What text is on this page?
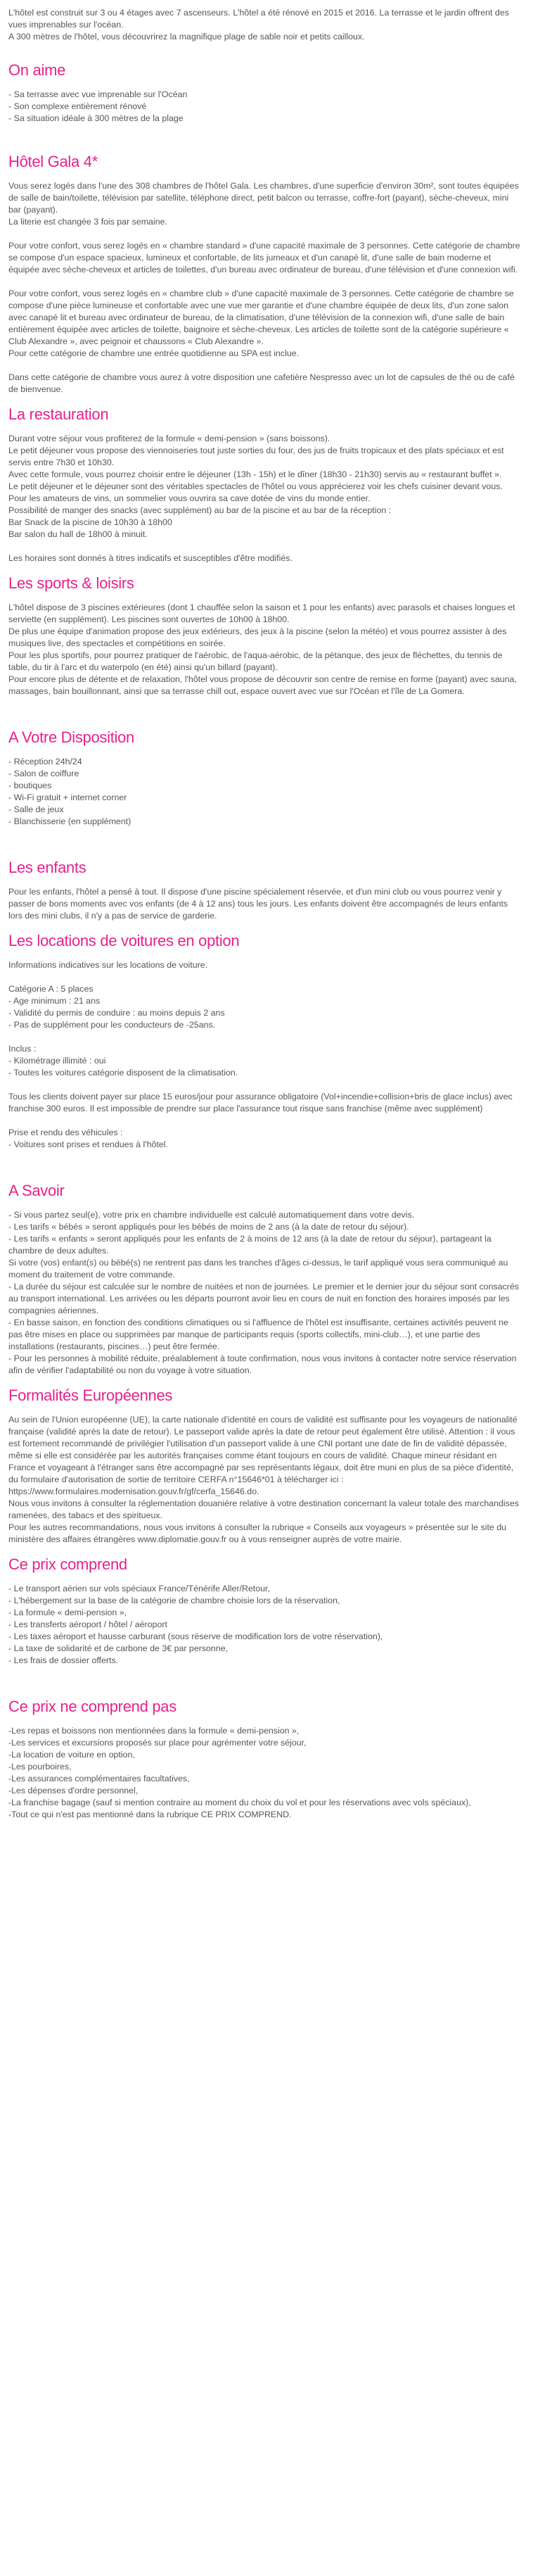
L'hôtel est construit sur 3 ou 4 étages avec 7 ascenseurs. L'hôtel a été rénové en 2015 et 2016. La terrasse et le jardin offrent des vues imprenables sur l'océan.

A 300 mètres de l'hôtel, vous découvrirez la magnifique plage de sable noir et petits cailloux.

On aime
- Sa terrasse avec vue imprenable sur l'Océan
- Son complexe entièrement rénové
- Sa situation idéale à 300 mètres de la plage
Hôtel Gala 4*

Vous serez logés dans l'une des 308 chambres de l'hôtel Gala. Les chambres, d'une superficie d'environ 30m², sont toutes équipées de salle de bain/toilette, télévision par satellite, téléphone direct, petit balcon ou terrasse, coffre-fort (payant), sèche-cheveux, mini bar (payant).

La literie est changée 3 fois par semaine.

Pour votre confort, vous serez logés en « chambre standard » d'une capacité maximale de 3 personnes. Cette catégorie de chambre se compose d'un espace spacieux, lumineux et confortable, de lits jumeaux et d'un canapé lit, d'une salle de bain moderne et équipée avec sèche-cheveux et articles de toilettes, d'un bureau avec ordinateur de bureau, d'une télévision et d'une connexion wifi.

Pour votre confort, vous serez logés en « chambre club » d'une capacité maximale de 3 personnes. Cette catégorie de chambre se compose d'une pièce lumineuse et confortable avec une vue mer garantie et d'une chambre équipée de deux lits, d'un zone salon avec canapé lit et bureau avec ordinateur de bureau, de la climatisation, d'une télévision de la connexion wifi, d'une salle de bain entièrement équipée avec articles de toilette, baignoire et sèche-cheveux. Les articles de toilette sont de la catégorie supérieure « Club Alexandre », avec peignoir et chaussons « Club Alexandre ».

Pour cette catégorie de chambre une entrée quotidienne au SPA est inclue.

Dans cette catégorie de chambre vous aurez à votre disposition une cafetière Nespresso avec un lot de capsules de thé ou de café de bienvenue.

La restauration
Durant votre séjour vous profiterez de la formule « demi-pension » (sans boissons).
Le petit déjeuner vous propose des viennoiseries tout juste sorties du four, des jus de fruits tropicaux et des plats spéciaux et est servis entre 7h30 et 10h30.
Avec cette formule, vous pourrez choisir entre le déjeuner (13h - 15h) et le dîner (18h30 - 21h30) servis au « restaurant buffet ».
Le petit déjeuner et le déjeuner sont des véritables spectacles de l'hôtel ou vous apprécierez voir les chefs cuisiner devant vous.
Pour les amateurs de vins, un sommelier vous ouvrira sa cave dotée de vins du monde entier.
Possibilité de manger des snacks (avec supplément) au bar de la piscine et au bar de la réception :
Bar Snack de la piscine de 10h30 à 18h00
Bar salon du hall de 18h00 à minuit.

Les horaires sont donnés à titres indicatifs et susceptibles d'être modifiés.

Les sports & loisirs
L'hôtel dispose de 3 piscines extérieures (dont 1 chauffée selon la saison et 1 pour les enfants) avec parasols et chaises longues et serviette (en supplément). Les piscines sont ouvertes de 10h00 à 18h00.
De plus une équipe d'animation propose des jeux extérieurs, des jeux à la piscine (selon la météo) et vous pourrez assister à des musiques live, des spectacles et compétitions en soirée.
Pour les plus sportifs, pour pourrez pratiquer de l'aérobic, de l'aqua-aérobic, de la pétanque, des jeux de fléchettes, du tennis de table, du tir à l'arc et du waterpolo (en été) ainsi qu'un billard (payant).
Pour encore plus de détente et de relaxation, l'hôtel vous propose de découvrir son centre de remise en forme (payant) avec sauna, massages, bain bouillonnant, ainsi que sa terrasse chill out, espace ouvert avec vue sur l'Océan et l'île de La Gomera.
A Votre Disposition
- Réception 24h/24
- Salon de coiffure
- boutiques
- Wi-Fi gratuit + internet corner
- Salle de jeux
- Blanchisserie (en supplément)
Les enfants

Pour les enfants, l'hôtel a pensé à tout. Il dispose d'une piscine spécialement réservée, et d'un mini club ou vous pourrez venir y passer de bons moments avec vos enfants (de 4 à 12 ans) tous les jours. Les enfants doivent être accompagnés de leurs enfants lors des mini clubs, il n'y a pas de service de garderie.

Les locations de voitures en option

Informations indicatives sur les locations de voiture.

Catégorie A : 5 places
- Age minimum : 21 ans
- Validité du permis de conduire : au moins depuis 2 ans
- Pas de supplément pour les conducteurs de -25ans.
Inclus :
- Kilométrage illimité : oui
- Toutes les voitures catégorie disposent de la climatisation.

Tous les clients doivent payer sur place 15 euros/jour pour assurance obligatoire (Vol+incendie+collision+bris de glace inclus) avec franchise 300 euros. Il est impossible de prendre sur place l'assurance tout risque sans franchise (même avec supplément)

Prise et rendu des véhicules :
- Voitures sont prises et rendues à l'hôtel.
A Savoir
- Si vous partez seul(e), votre prix en chambre individuelle est calculé automatiquement dans votre devis.
- Les tarifs « bébés » seront appliqués pour les bébés de moins de 2 ans (à la date de retour du séjour).
- Les tarifs « enfants » seront appliqués pour les enfants de 2 à moins de 12 ans (à la date de retour du séjour), partageant la chambre de deux adultes.
Si votre (vos) enfant(s) ou bébé(s) ne rentrent pas dans les tranches d'âges ci-dessus, le tarif appliqué vous sera communiqué au moment du traitement de votre commande.
- La durée du séjour est calculée sur le nombre de nuitées et non de journées. Le premier et le dernier jour du séjour sont consacrés au transport international. Les arrivées ou les départs pourront avoir lieu en cours de nuit en fonction des horaires imposés par les compagnies aériennes.
- En basse saison, en fonction des conditions climatiques ou si l'affluence de l'hôtel est insuffisante, certaines activités peuvent ne pas être mises en place ou supprimées par manque de participants requis (sports collectifs, mini-club…), et une partie des installations (restaurants, piscines…) peut être fermée.
- Pour les personnes à mobilité réduite, préalablement à toute confirmation, nous vous invitons à contacter notre service réservation afin de vérifier l'adaptabilité ou non du voyage à votre situation.
Formalités Européennes
Au sein de l'Union européenne (UE), la carte nationale d'identité en cours de validité est suffisante pour les voyageurs de nationalité française (validité après la date de retour). Le passeport valide après la date de retour peut également être utilisé. Attention : il vous est fortement recommandé de privilégier l'utilisation d'un passeport valide à une CNI portant une date de fin de validité dépassée, même si elle est considérée par les autorités françaises comme étant toujours en cours de validité. Chaque mineur résidant en France et voyageant à l'étranger sans être accompagné par ses représentants légaux, doit être muni en plus de sa pièce d'identité, du formulaire d'autorisation de sortie de territoire CERFA n°15646*01 à télécharger ici :
https://www.formulaires.modernisation.gouv.fr/gf/cerfa_15646.do.
Nous vous invitons à consulter la réglementation douanière relative à votre destination concernant la valeur totale des marchandises ramenées, des tabacs et des spiritueux.
Pour les autres recommandations, nous vous invitons à consulter la rubrique « Conseils aux voyageurs » présentée sur le site du ministère des affaires étrangères www.diplomatie.gouv.fr ou à vous renseigner auprès de votre mairie.
Ce prix comprend
- Le transport aérien sur vols spéciaux France/Ténérife Aller/Retour,
- L'hébergement sur la base de la catégorie de chambre choisie lors de la réservation,
- La formule « demi-pension »,
- Les transferts aéroport / hôtel / aéroport
- Les taxes aéroport et hausse carburant (sous réserve de modification lors de votre réservation),
- La taxe de solidarité et de carbone de 3€ par personne,
- Les frais de dossier offerts.
Ce prix ne comprend pas
-Les repas et boissons non mentionnées dans la formule « demi-pension »,
-Les services et excursions proposés sur place pour agrémenter votre séjour,
-La location de voiture en option,
-Les pourboires,
-Les assurances complémentaires facultatives,
-Les dépenses d'ordre personnel,
-La franchise bagage (sauf si mention contraire au moment du choix du vol et pour les réservations avec vols spéciaux),
-Tout ce qui n'est pas mentionné dans la rubrique CE PRIX COMPREND.
